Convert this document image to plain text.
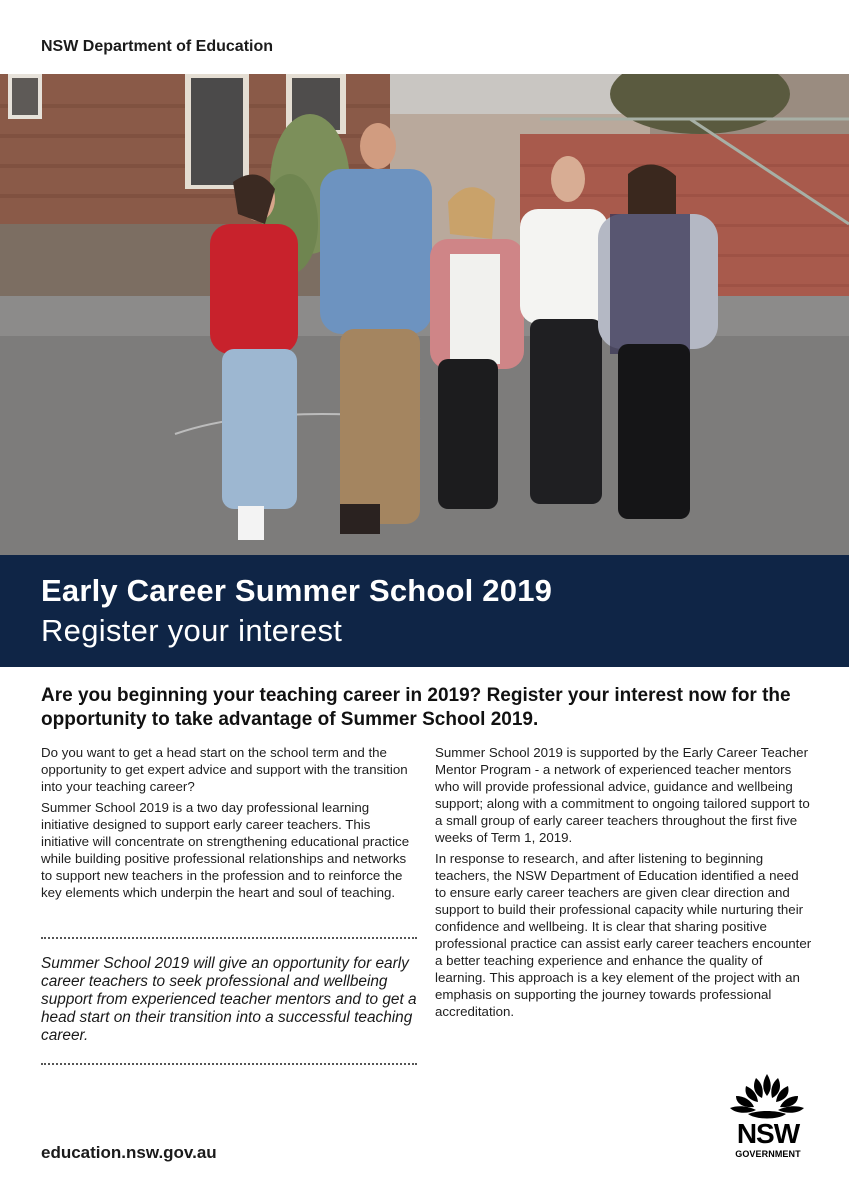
NSW Department of Education
Early Career Summer School 2019
Register your interest
Are you beginning your teaching career in 2019? Register your interest now for the opportunity to take advantage of Summer School 2019.

Do you want to get a head start on the school term and the opportunity to get expert advice and support with the transition into your teaching career?

Summer School 2019 is a two day professional learning initiative designed to support early career teachers. This initiative will concentrate on strengthening educational practice while building positive professional relationships and networks to support new teachers in the profession and to reinforce the key elements which underpin the heart and soul of teaching.

Summer School 2019 will give an opportunity for early career teachers to seek professional and wellbeing support from experienced teacher mentors and to get a head start on their transition into a successful teaching career.

Summer School 2019 is supported by the Early Career Teacher Mentor Program - a network of experienced teacher mentors who will provide professional advice, guidance and wellbeing support; along with a commitment to ongoing tailored support to a small group of early career teachers throughout the first five weeks of Term 1, 2019.

In response to research, and after listening to beginning teachers, the NSW Department of Education identified a need to ensure early career teachers are given clear direction and support to build their professional capacity while nurturing their confidence and wellbeing. It is clear that sharing positive professional practice can assist early career teachers encounter a better teaching experience and enhance the quality of learning. This approach is a key element of the project with an emphasis on supporting the journey towards professional accreditation.

education.nsw.gov.au
NSW
GOVERNMENT
